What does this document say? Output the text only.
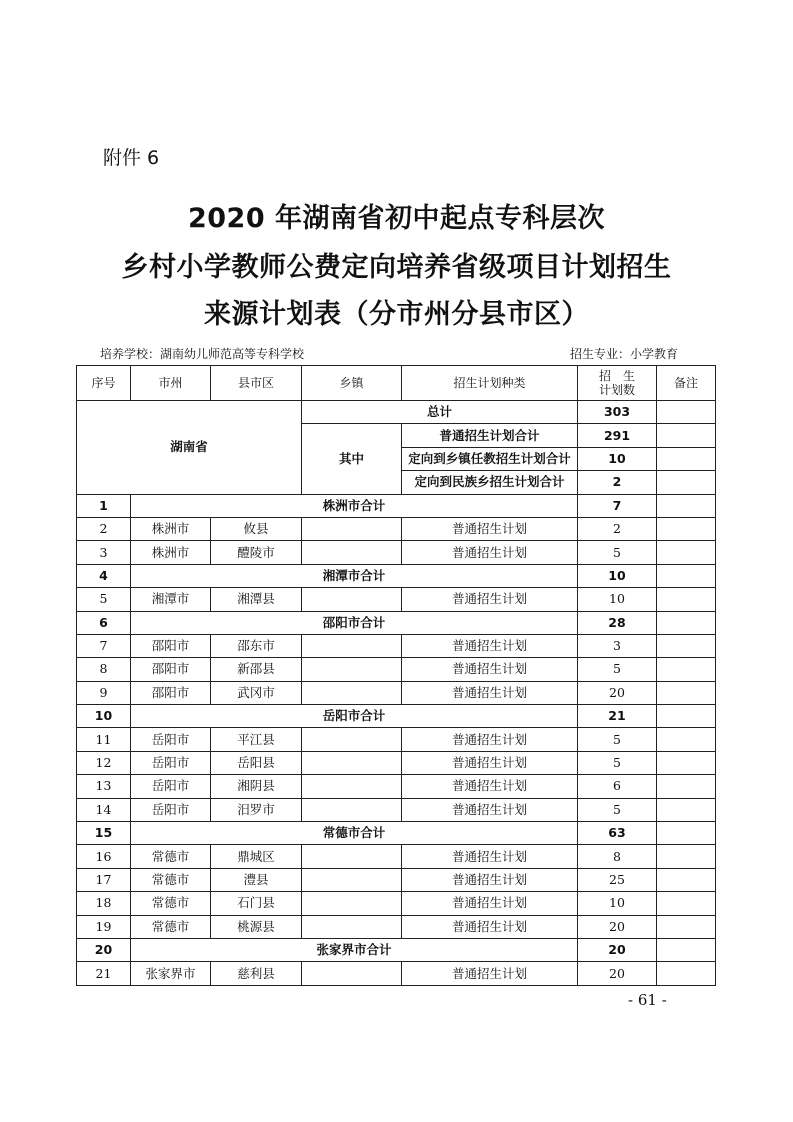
附件 6
2020 年湖南省初中起点专科层次
乡村小学教师公费定向培养省级项目计划招生
来源计划表（分市州分县市区）
培养学校：湖南幼儿师范高等专科学校	招生专业：小学教育
序号	市州	县市区	乡镇	招生计划种类	招　生
计划数	备注
湖南省			总计		303	
			其中	普通招生计划合计	291	
				定向到乡镇任教招生计划合计	10	
				定向到民族乡招生计划合计	2	
1	株洲市合计				7	
2	株洲市	攸县		普通招生计划	2	
3	株洲市	醴陵市		普通招生计划	5	
4	湘潭市合计				10	
5	湘潭市	湘潭县		普通招生计划	10	
6	邵阳市合计				28	
7	邵阳市	邵东市		普通招生计划	3	
8	邵阳市	新邵县		普通招生计划	5	
9	邵阳市	武冈市		普通招生计划	20	
10	岳阳市合计				21	
11	岳阳市	平江县		普通招生计划	5	
12	岳阳市	岳阳县		普通招生计划	5	
13	岳阳市	湘阴县		普通招生计划	6	
14	岳阳市	汨罗市		普通招生计划	5	
15	常德市合计				63	
16	常德市	鼎城区		普通招生计划	8	
17	常德市	澧县		普通招生计划	25	
18	常德市	石门县		普通招生计划	10	
19	常德市	桃源县		普通招生计划	20	
20	张家界市合计				20	
21	张家界市	慈利县		普通招生计划	20	
- 61 -
